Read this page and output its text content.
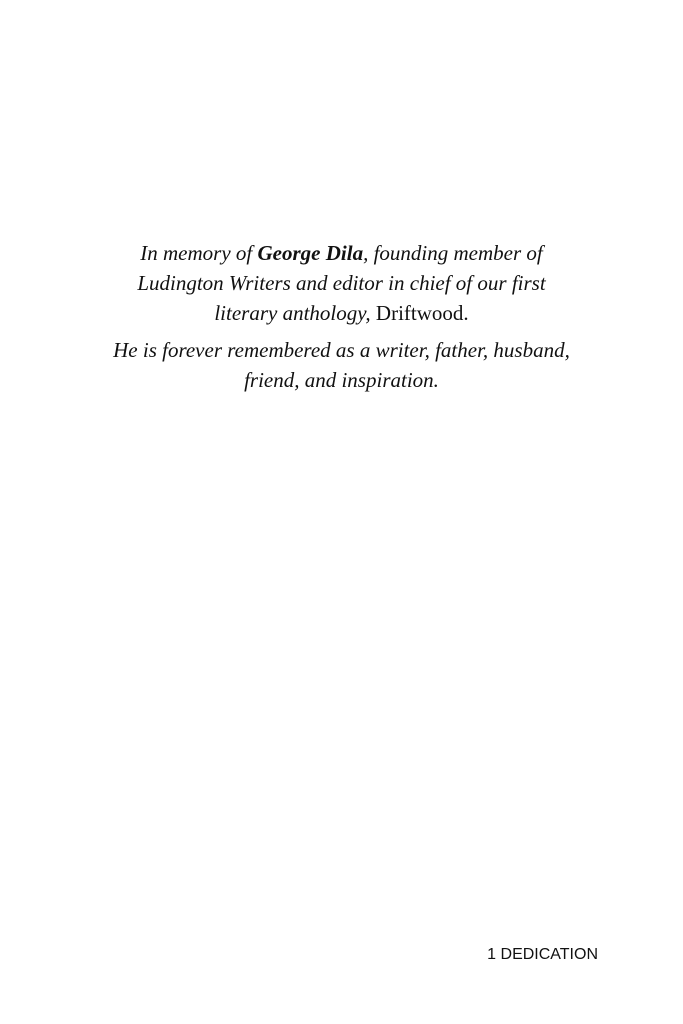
In memory of George Dila, founding member of Ludington Writers and editor in chief of our first literary anthology, Driftwood.

He is forever remembered as a writer, father, husband, friend, and inspiration.

1 DEDICATION
